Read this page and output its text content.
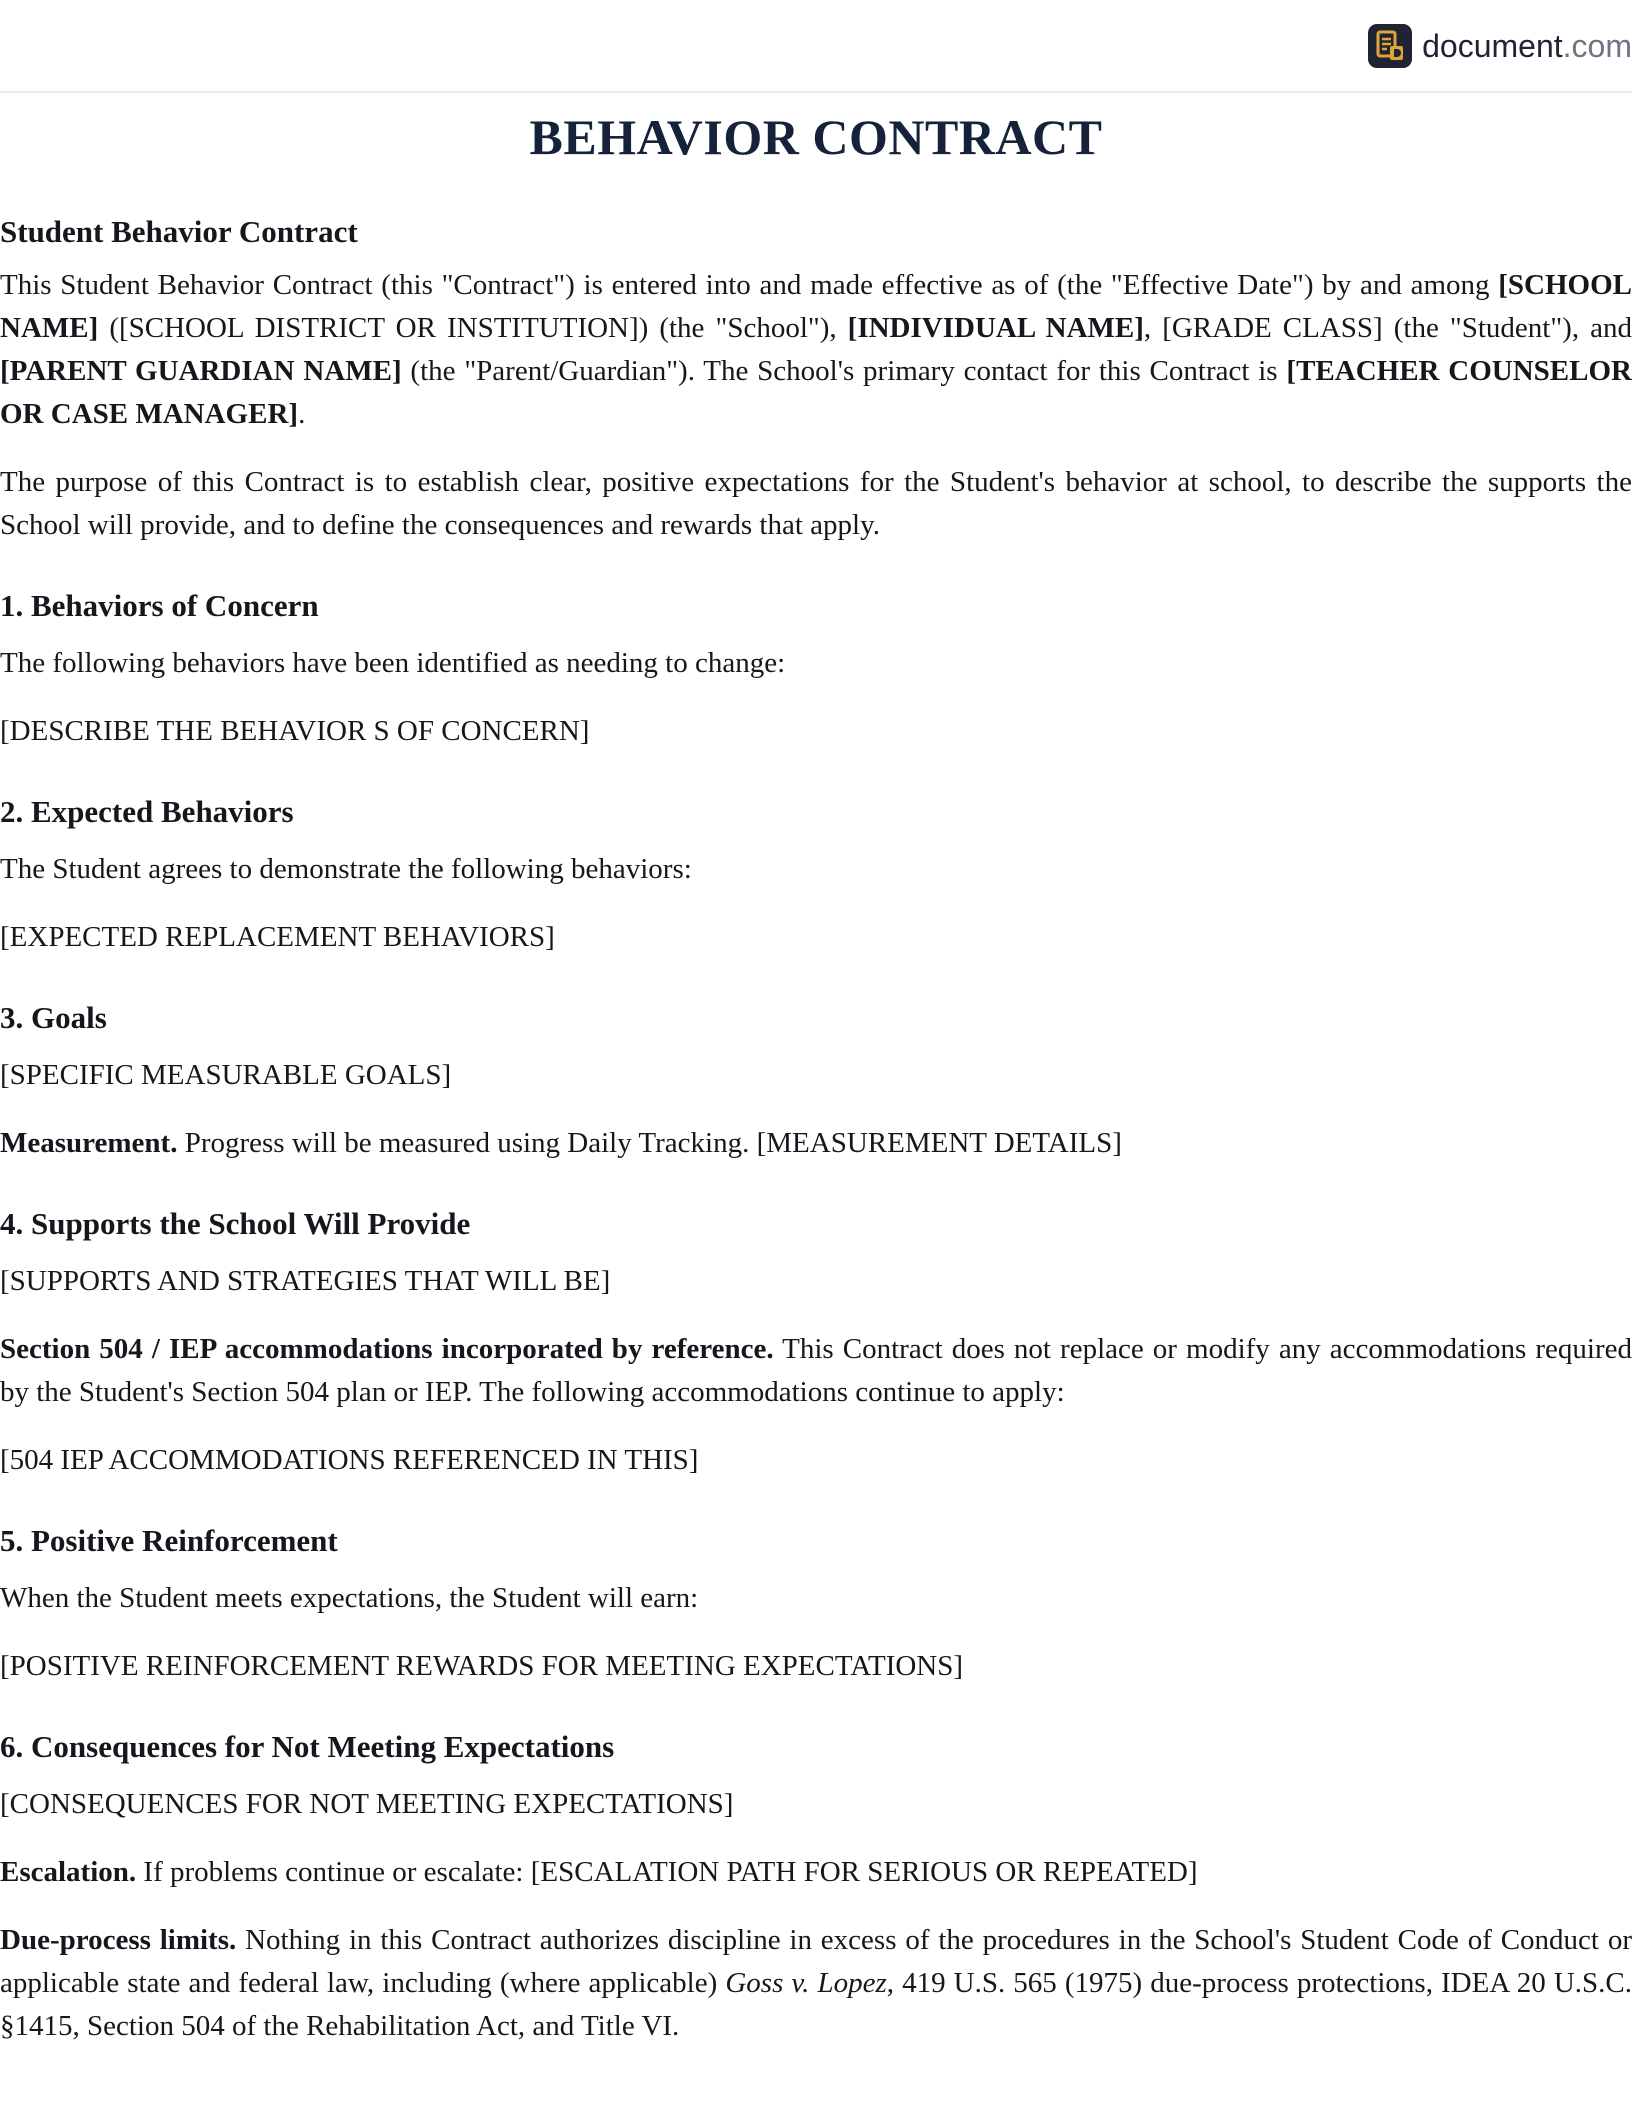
document.com
BEHAVIOR CONTRACT
Student Behavior Contract

This Student Behavior Contract (this "Contract") is entered into and made effective as of (the "Effective Date") by and among [SCHOOL NAME] ([SCHOOL DISTRICT OR INSTITUTION]) (the "School"), [INDIVIDUAL NAME], [GRADE CLASS] (the "Student"), and [PARENT GUARDIAN NAME] (the "Parent/Guardian"). The School's primary contact for this Contract is [TEACHER COUNSELOR OR CASE MANAGER].

The purpose of this Contract is to establish clear, positive expectations for the Student's behavior at school, to describe the supports the School will provide, and to define the consequences and rewards that apply.

1. Behaviors of Concern

The following behaviors have been identified as needing to change:

[DESCRIBE THE BEHAVIOR S OF CONCERN]

2. Expected Behaviors

The Student agrees to demonstrate the following behaviors:

[EXPECTED REPLACEMENT BEHAVIORS]

3. Goals

[SPECIFIC MEASURABLE GOALS]

Measurement. Progress will be measured using Daily Tracking. [MEASUREMENT DETAILS]

4. Supports the School Will Provide

[SUPPORTS AND STRATEGIES THAT WILL BE]

Section 504 / IEP accommodations incorporated by reference. This Contract does not replace or modify any accommodations required by the Student's Section 504 plan or IEP. The following accommodations continue to apply:

[504 IEP ACCOMMODATIONS REFERENCED IN THIS]

5. Positive Reinforcement

When the Student meets expectations, the Student will earn:

[POSITIVE REINFORCEMENT REWARDS FOR MEETING EXPECTATIONS]

6. Consequences for Not Meeting Expectations

[CONSEQUENCES FOR NOT MEETING EXPECTATIONS]

Escalation. If problems continue or escalate: [ESCALATION PATH FOR SERIOUS OR REPEATED]

Due-process limits. Nothing in this Contract authorizes discipline in excess of the procedures in the School's Student Code of Conduct or applicable state and federal law, including (where applicable) Goss v. Lopez, 419 U.S. 565 (1975) due-process protections, IDEA 20 U.S.C. §1415, Section 504 of the Rehabilitation Act, and Title VI.
